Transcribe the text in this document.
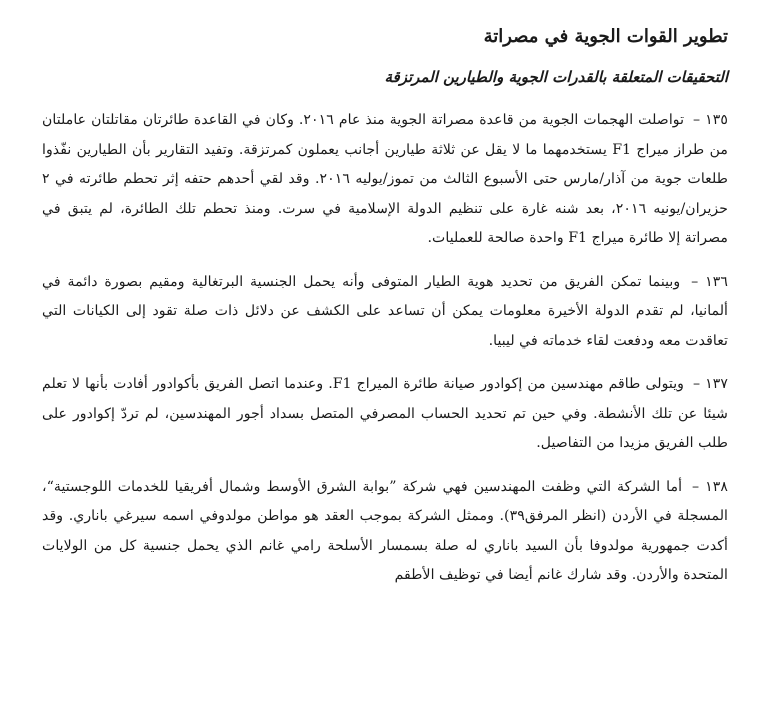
تطوير القوات الجوية في مصراتة
التحقيقات المتعلقة بالقدرات الجوية والطيارين المرتزقة

١٣٥ – تواصلت الهجمات الجوية من قاعدة مصراتة الجوية منذ عام ٢٠١٦. وكان في القاعدة طائرتان مقاتلتان عاملتان من طراز ميراج F1 يستخدمهما ما لا يقل عن ثلاثة طيارين أجانب يعملون كمرتزقة. وتفيد التقارير بأن الطيارين نفّذوا طلعات جوية من آذار/مارس حتى الأسبوع الثالث من تموز/يوليه ٢٠١٦. وقد لقي أحدهم حتفه إثر تحطم طائرته في ٢ حزيران/يونيه ٢٠١٦، بعد شنه غارة على تنظيم الدولة الإسلامية في سرت. ومنذ تحطم تلك الطائرة، لم يتبق في مصراتة إلا طائرة ميراج F1 واحدة صالحة للعمليات.

١٣٦ – وبينما تمكن الفريق من تحديد هوية الطيار المتوفى وأنه يحمل الجنسية البرتغالية ومقيم بصورة دائمة في ألمانيا، لم تقدم الدولة الأخيرة معلومات يمكن أن تساعد على الكشف عن دلائل ذات صلة تقود إلى الكيانات التي تعاقدت معه ودفعت لقاء خدماته في ليبيا.

١٣٧ – ويتولى طاقم مهندسين من إكوادور صيانة طائرة الميراج F1. وعندما اتصل الفريق بأكوادور أفادت بأنها لا تعلم شيئا عن تلك الأنشطة. وفي حين تم تحديد الحساب المصرفي المتصل بسداد أجور المهندسين، لم تردّ إكوادور على طلب الفريق مزيدا من التفاصيل.

١٣٨ – أما الشركة التي وظفت المهندسين فهي شركة ”بوابة الشرق الأوسط وشمال أفريقيا للخدمات اللوجستية“، المسجلة في الأردن (انظر المرفق٣٩). وممثل الشركة بموجب العقد هو مواطن مولدوفي اسمه سيرغي باناري. وقد أكدت جمهورية مولدوفا بأن السيد باناري له صلة بسمسار الأسلحة رامي غانم الذي يحمل جنسية كل من الولايات المتحدة والأردن. وقد شارك غانم أيضا في توظيف الأطقم
